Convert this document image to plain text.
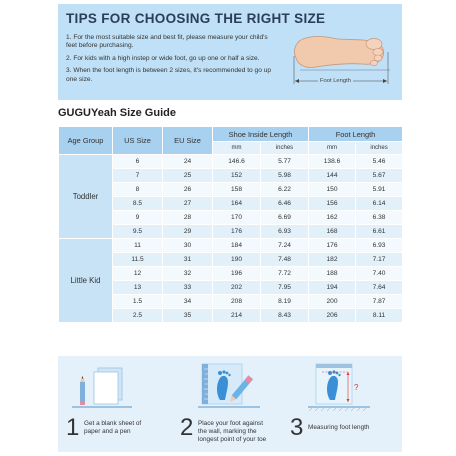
TIPS FOR CHOOSING THE RIGHT SIZE
1. For the most suitable size and best fit, please measure your child's feet before purchasing.
2. For kids with a high instep or wide foot, go up one or half a size.
3. When the foot length is between 2 sizes, it's recommended to go up one size.	Foot Length
GUGUYeah Size Guide
Age Group	US Size	EU Size	Shoe Inside Length		Foot Length	
			mm	inches	mm	inches
Toddler	6	24	146.6	5.77	138.6	5.46
	7	25	152	5.98	144	5.67
	8	26	158	6.22	150	5.91
	8.5	27	164	6.46	156	6.14
	9	28	170	6.69	162	6.38
	9.5	29	176	6.93	168	6.61
Little Kid	11	30	184	7.24	176	6.93
	11.5	31	190	7.48	182	7.17
	12	32	196	7.72	188	7.40
	13	33	202	7.95	194	7.64
	1.5	34	208	8.19	200	7.87
	2.5	35	214	8.43	206	8.11
1 Get a blank sheet of
paper and a pen	2 Place your foot against
the wall, marking the
longest point of your toe
?
3 Measuring foot length
